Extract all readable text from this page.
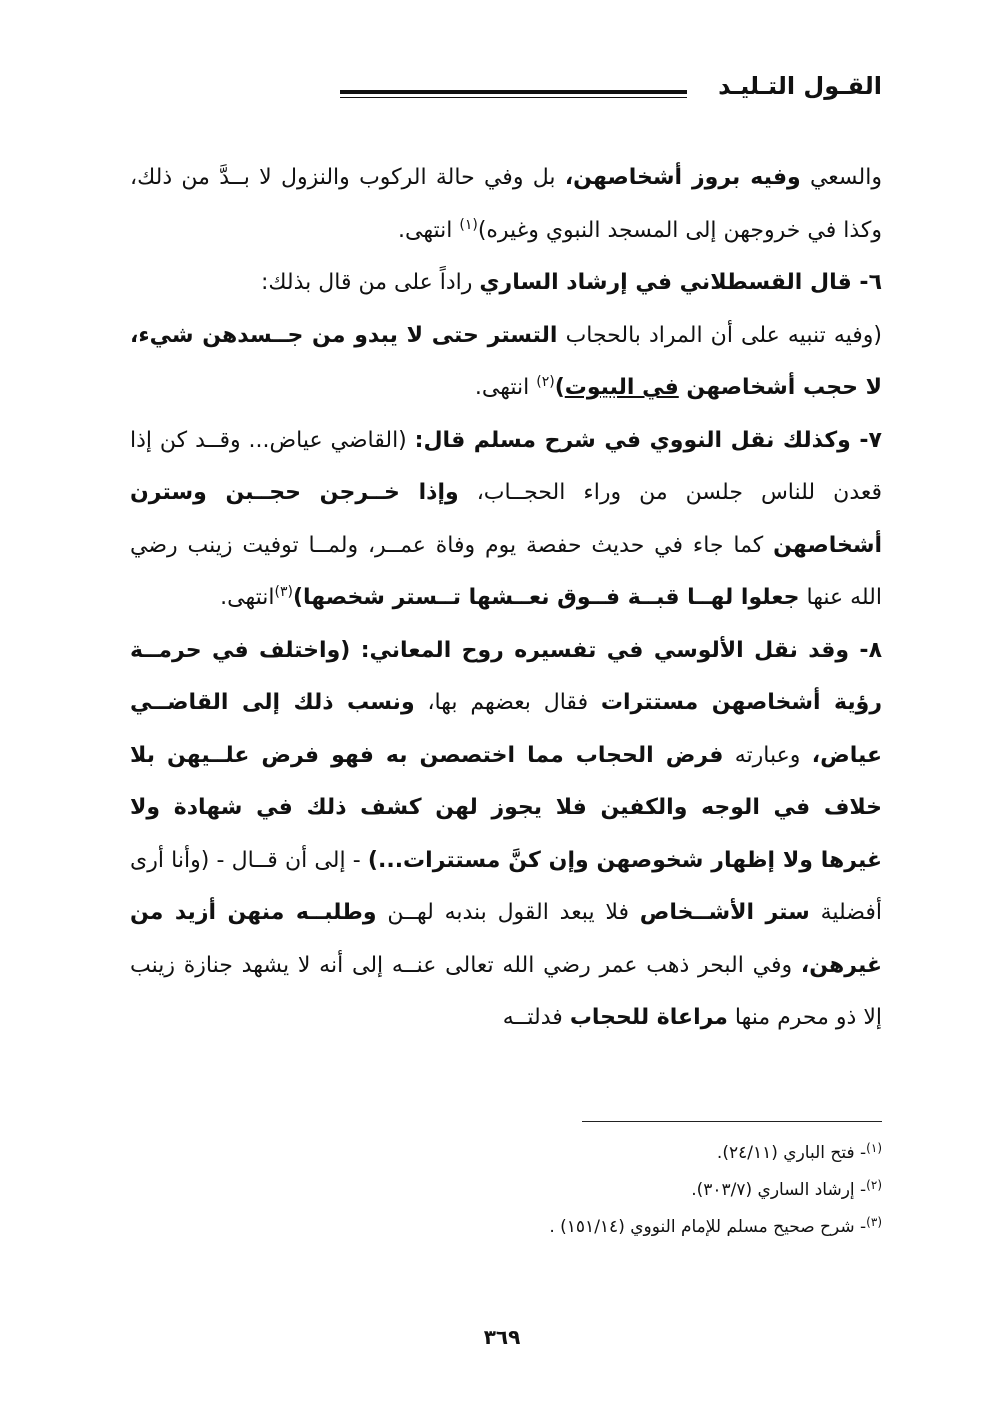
القـول التـليـد

والسعي وفيه بروز أشخاصهن، بل وفي حالة الركوب والنزول لا بــدَّ من ذلك، وكذا في خروجهن إلى المسجد النبوي وغيره)$^{(١)}$ انتهى.

٦- قال القسطلاني في إرشاد الساري راداً على من قال بذلك:

(وفيه تنبيه على أن المراد بالحجاب التستر حتى لا يبدو من جــسدهن شيء، لا حجب أشخاصهن في البيوت)$^{(٢)}$ انتهى.

٧- وكذلك نقل النووي في شرح مسلم قال: (القاضي عياض... وقــد كن إذا قعدن للناس جلسن من وراء الحجــاب، وإذا خــرجن حجــبن وسترن أشخاصهن كما جاء في حديث حفصة يوم وفاة عمــر، ولمــا توفيت زينب رضي الله عنها جعلوا لهــا قبــة فــوق نعــشها تــستر شخصها)$^{(٣)}$انتهى.

٨- وقد نقل الألوسي في تفسيره روح المعاني: (واختلف في حرمــة رؤية أشخاصهن مستترات فقال بعضهم بها، ونسب ذلك إلى القاضــي عياض، وعبارته فرض الحجاب مما اختصصن به فهو فرض علــيهن بلا خلاف في الوجه والكفين فلا يجوز لهن كشف ذلك في شهادة ولا غيرها ولا إظهار شخوصهن وإن كنَّ مستترات...) - إلى أن قــال - (وأنا أرى أفضلية ستر الأشــخاص فلا يبعد القول بندبه لهــن وطلبــه منهن أزيد من غيرهن، وفي البحر ذهب عمر رضي الله تعالى عنــه إلى أنه لا يشهد جنازة زينب إلا ذو محرم منها مراعاة للحجاب فدلتــه

$^{(١)}$- فتح الباري (٢٤/١١).

$^{(٢)}$- إرشاد الساري (٣٠٣/٧).

$^{(٣)}$- شرح صحيح مسلم للإمام النووي (١٥١/١٤) .

٣٦٩
